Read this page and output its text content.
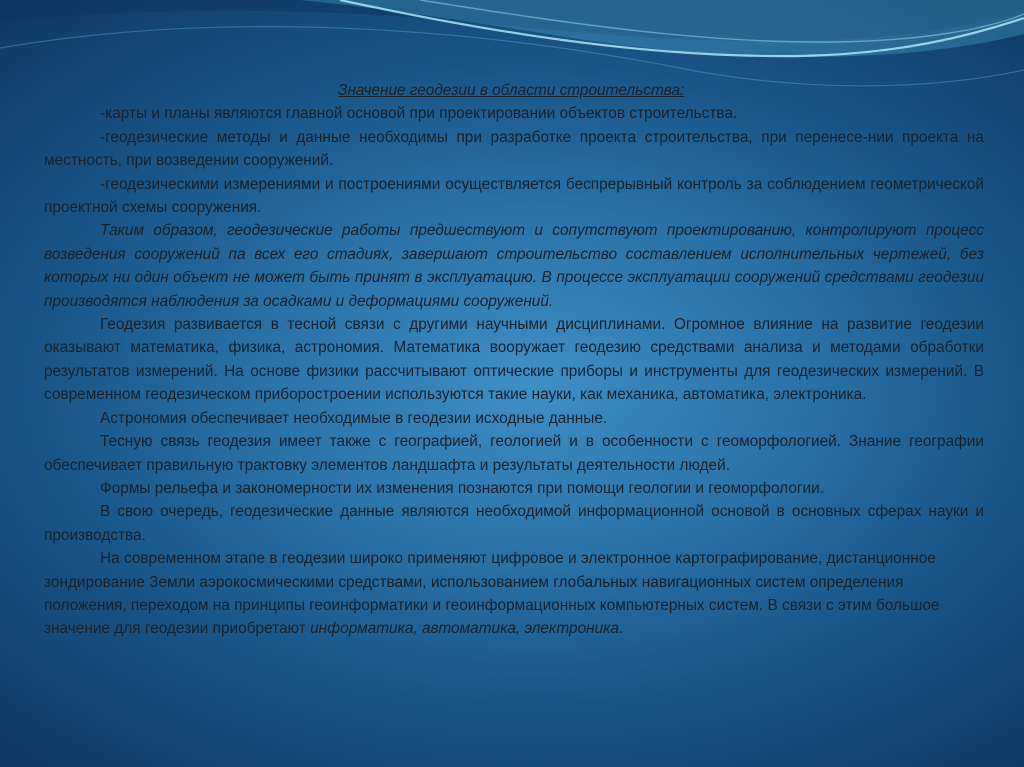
Значение геодезии в области строительства:

-карты и планы являются главной основой при проектировании объектов строительства.

-геодезические методы и данные необходимы при разработке проекта строительства, при перенесе-нии проекта на местность, при возведении сооружений.

-геодезическими измерениями и построениями осуществляется беспрерывный контроль за соблюдением геометрической проектной схемы сооружения.

Таким образом, геодезические работы предшествуют и сопутствуют проектированию, контролируют процесс возведения сооружений па всех его стадиях, завершают строительство составлением исполнительных чертежей, без которых ни один объект не может быть принят в эксплуатацию. В процессе эксплуатации сооружений средствами геодезии производятся наблюдения за осадками и деформациями сооружений.

Геодезия развивается в тесной связи с другими научными дисциплинами. Огромное влияние на развитие геодезии оказывают математика, физика, астрономия. Математика вооружает геодезию средствами анализа и методами обработки результатов измерений. На основе физики рассчитывают оптические приборы и инструменты для геодезических измерений. В современном геодезическом приборостроении используются такие науки, как механика, автоматика, электроника.

Астрономия обеспечивает необходимые в геодезии исходные данные.

Тесную связь геодезия имеет также с географией, геологией и в особенности с геоморфологией. Знание географии обеспечивает правильную трактовку элементов ландшафта и результаты деятельности людей.

Формы рельефа и закономерности их изменения познаются при помощи геологии и геоморфологии.

В свою очередь, геодезические данные являются необходимой информационной основой в основных сферах науки и производства.

На современном этапе в геодезии широко применяют цифровое и электронное картографирование, дистанционное зондирование Земли аэрокосмическими средствами, использованием глобальных навигационных систем определения положения, переходом на принципы геоинформатики и геоинформационных компьютерных систем. В связи с этим большое значение для геодезии приобретают информатика, автоматика, электроника.
